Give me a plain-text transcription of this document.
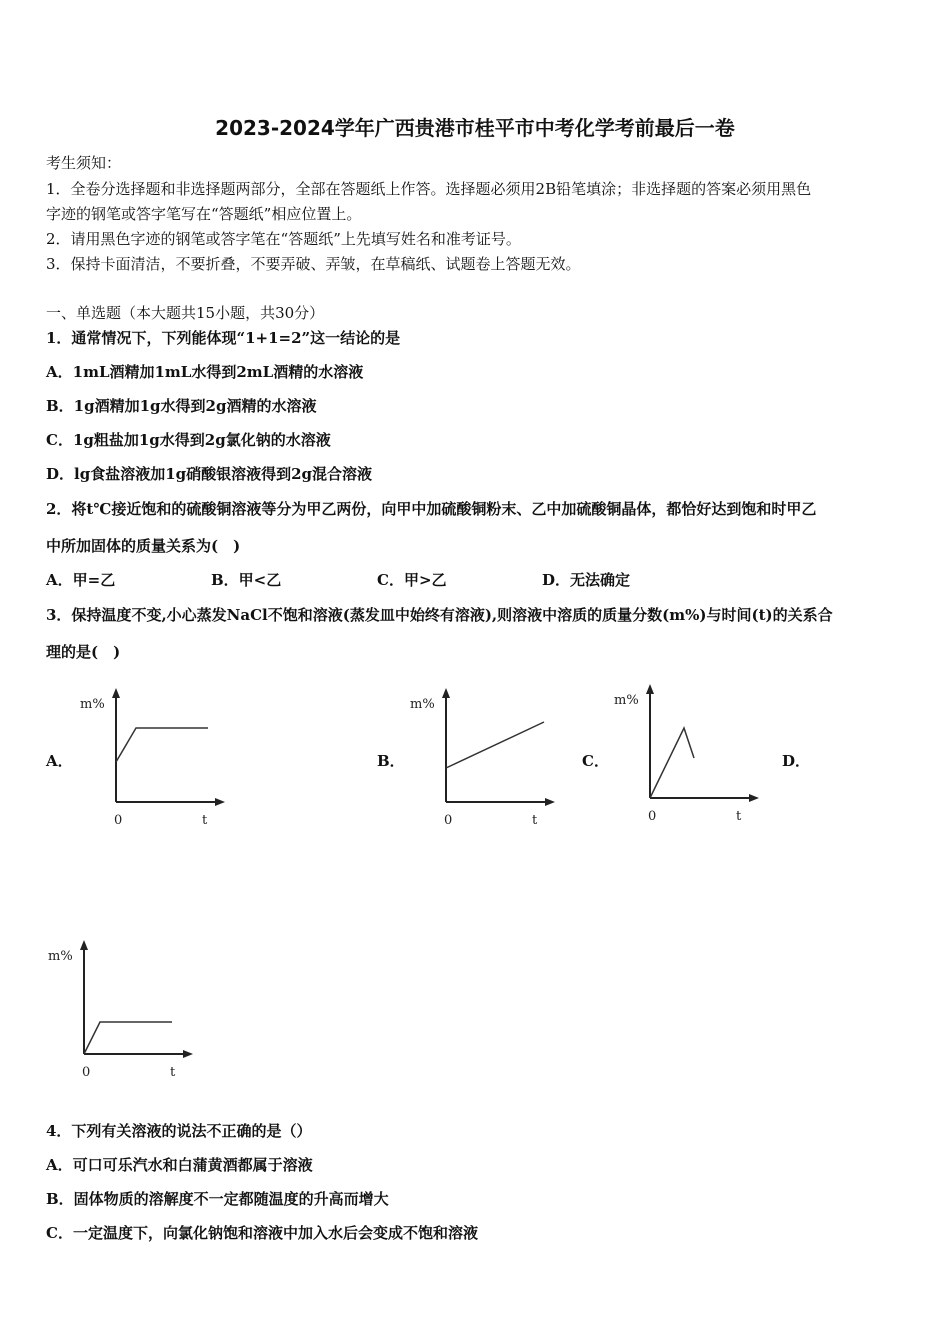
2023-2024学年广西贵港市桂平市中考化学考前最后一卷
考生须知：
1．全卷分选择题和非选择题两部分，全部在答题纸上作答。选择题必须用2B铅笔填涂；非选择题的答案必须用黑色
字迹的钢笔或答字笔写在“答题纸”相应位置上。
2．请用黑色字迹的钢笔或答字笔在“答题纸”上先填写姓名和准考证号。
3．保持卡面清洁，不要折叠，不要弄破、弄皱，在草稿纸、试题卷上答题无效。
一、单选题（本大题共15小题，共30分）
1．通常情况下，下列能体现“1+1=2”这一结论的是
A．1mL酒精加1mL水得到2mL酒精的水溶液
B．1g酒精加1g水得到2g酒精的水溶液
C．1g粗盐加1g水得到2g氯化钠的水溶液
D．lg食盐溶液加1g硝酸银溶液得到2g混合溶液
2．将t℃接近饱和的硫酸铜溶液等分为甲乙两份，向甲中加硫酸铜粉末、乙中加硫酸铜晶体，都恰好达到饱和时甲乙
中所加固体的质量关系为(　)
A．甲=乙	B．甲<乙	C．甲>乙	D．无法确定
3．保持温度不变,小心蒸发NaCl不饱和溶液(蒸发皿中始终有溶液),则溶液中溶质的质量分数(m%)与时间(t)的关系合
理的是(　)
A．	B．	C．	D．
m%
0	t
m%
0	t
m%
0	t
m%
0	t
4．下列有关溶液的说法不正确的是（）
A．可口可乐汽水和白蒲黄酒都属于溶液
B．固体物质的溶解度不一定都随温度的升高而增大
C．一定温度下，向氯化钠饱和溶液中加入水后会变成不饱和溶液
